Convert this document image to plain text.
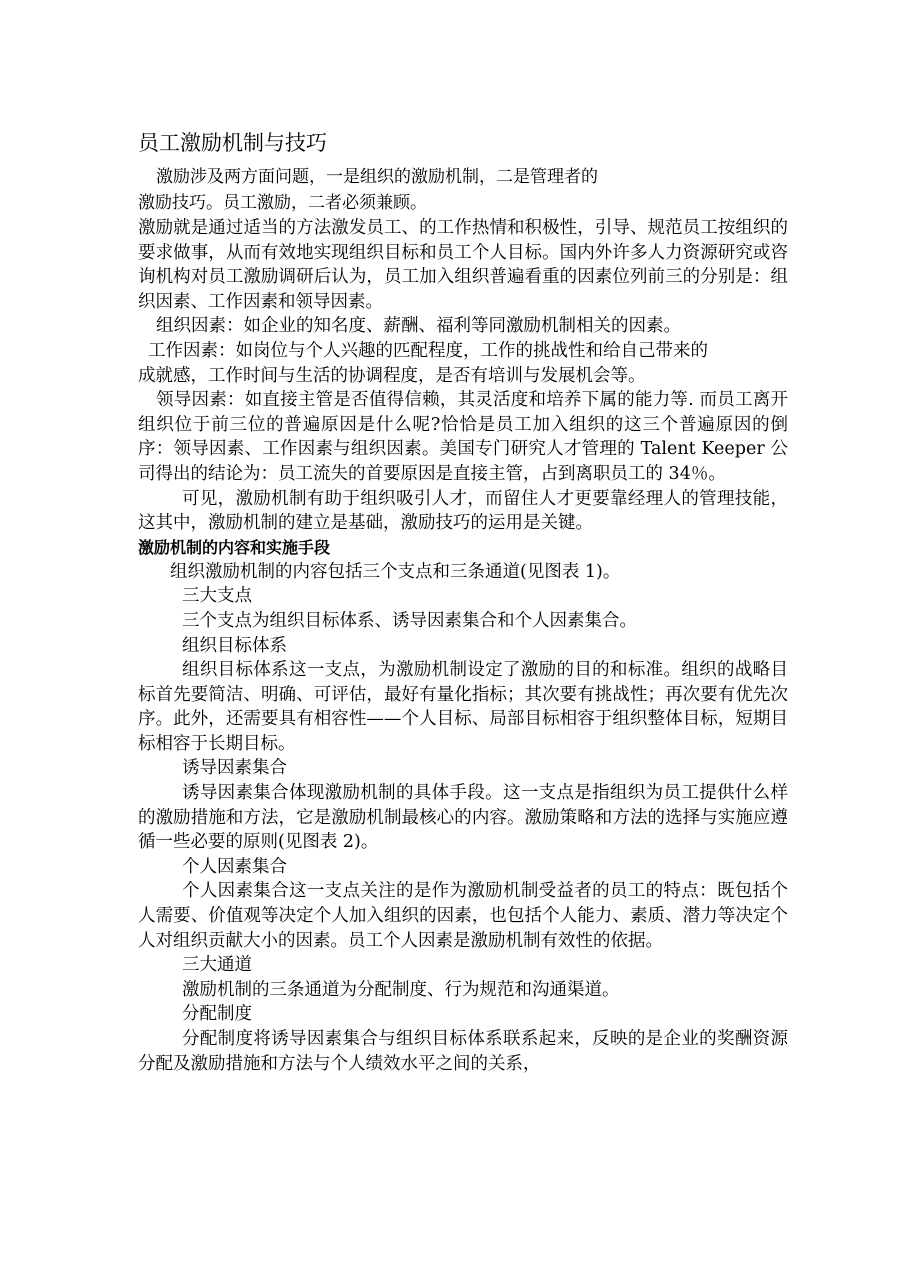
员工激励机制与技巧

激励涉及两方面问题，一是组织的激励机制，二是管理者的激励技巧。员工激励，二者必须兼顾。

激励就是通过适当的方法激发员工、的工作热情和积极性，引导、规范员工按组织的要求做事，从而有效地实现组织目标和员工个人目标。国内外许多人力资源研究或咨询机构对员工激励调研后认为，员工加入组织普遍看重的因素位列前三的分别是：组织因素、工作因素和领导因素。

组织因素：如企业的知名度、薪酬、福利等同激励机制相关的因素。

工作因素：如岗位与个人兴趣的匹配程度，工作的挑战性和给自己带来的

成就感，工作时间与生活的协调程度，是否有培训与发展机会等。

领导因素：如直接主管是否值得信赖，其灵活度和培养下属的能力等. 而员工离开组织位于前三位的普遍原因是什么呢?恰恰是员工加入组织的这三个普遍原因的倒序：领导因素、工作因素与组织因素。美国专门研究人才管理的 Talent Keeper 公司得出的结论为：员工流失的首要原因是直接主管，占到离职员工的 34％。

可见，激励机制有助于组织吸引人才，而留住人才更要靠经理人的管理技能，这其中，激励机制的建立是基础，激励技巧的运用是关键。

激励机制的内容和实施手段

组织激励机制的内容包括三个支点和三条通道(见图表 1)。

三大支点

三个支点为组织目标体系、诱导因素集合和个人因素集合。

组织目标体系

组织目标体系这一支点，为激励机制设定了激励的目的和标准。组织的战略目标首先要简洁、明确、可评估，最好有量化指标；其次要有挑战性；再次要有优先次序。此外，还需要具有相容性——个人目标、局部目标相容于组织整体目标，短期目标相容于长期目标。

诱导因素集合

诱导因素集合体现激励机制的具体手段。这一支点是指组织为员工提供什么样的激励措施和方法，它是激励机制最核心的内容。激励策略和方法的选择与实施应遵循一些必要的原则(见图表 2)。

个人因素集合

个人因素集合这一支点关注的是作为激励机制受益者的员工的特点：既包括个人需要、价值观等决定个人加入组织的因素，也包括个人能力、素质、潜力等决定个人对组织贡献大小的因素。员工个人因素是激励机制有效性的依据。

三大通道

激励机制的三条通道为分配制度、行为规范和沟通渠道。

分配制度

分配制度将诱导因素集合与组织目标体系联系起来，反映的是企业的奖酬资源分配及激励措施和方法与个人绩效水平之间的关系，
